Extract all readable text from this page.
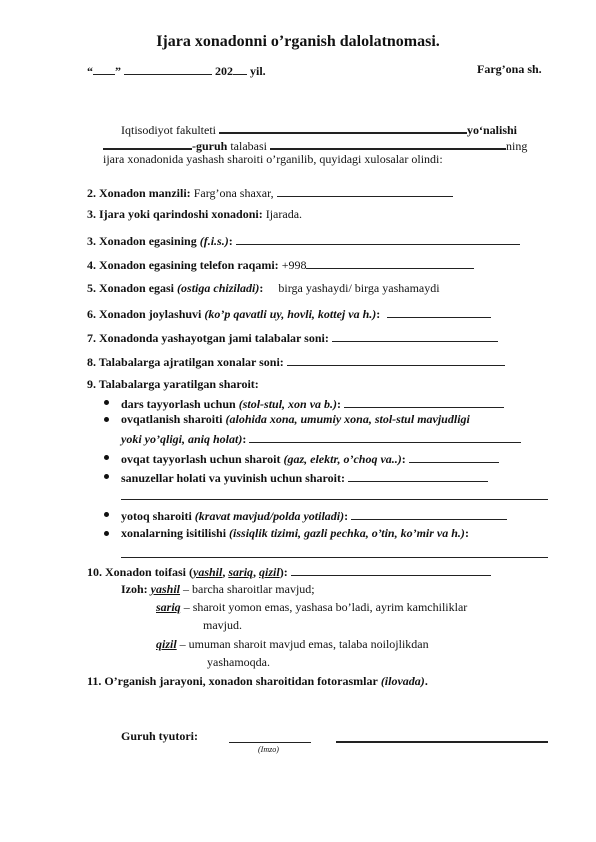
Ijara xonadonni o’rganish dalolatnomasi.
“ ”	202 yil.	Farg’ona sh.
Iqtisodiyot fakulteti	yo‘nalishi
-guruh talabasi	ning
ijara xonadonida yashash sharoiti o’rganilib, quyidagi xulosalar olindi:
2. Xonadon manzili: Farg’ona shaxar,
3. Ijara yoki qarindoshi xonadoni: Ijarada.
3. Xonadon egasining (f.i.s.):
4. Xonadon egasining telefon raqami: +998
5. Xonadon egasi (ostiga chiziladi): birga yashaydi/ birga yashamaydi
6. Xonadon joylashuvi (ko’p qavatli uy, hovli, kottej va h.):
7. Xonadonda yashayotgan jami talabalar soni:
8. Talabalarga ajratilgan xonalar soni:
9. Talabalarga yaratilgan sharoit:
dars tayyorlash uchun (stol-stul, xon va b.):
ovqatlanish sharoiti (alohida xona, umumiy xona, stol-stul mavjudligi
yoki yo’qligi, aniq holat):
ovqat tayyorlash uchun sharoit (gaz, elektr, o’choq va..):
sanuzellar holati va yuvinish uchun sharoit:
yotoq sharoiti (kravat mavjud/polda yotiladi):
xonalarning isitilishi (issiqlik tizimi, gazli pechka, o’tin, ko’mir va h.):
10. Xonadon toifasi (yashil, sariq, qizil):
Izoh: yashil – barcha sharoitlar mavjud;
sariq – sharoit yomon emas, yashasa bo’ladi, ayrim kamchiliklar
mavjud.
qizil – umuman sharoit mavjud emas, talaba noilojlikdan
yashamoqda.
11. O’rganish jarayoni, xonadon sharoitidan fotorasmlar (ilovada).
Guruh tyutori:
(Imzo)
